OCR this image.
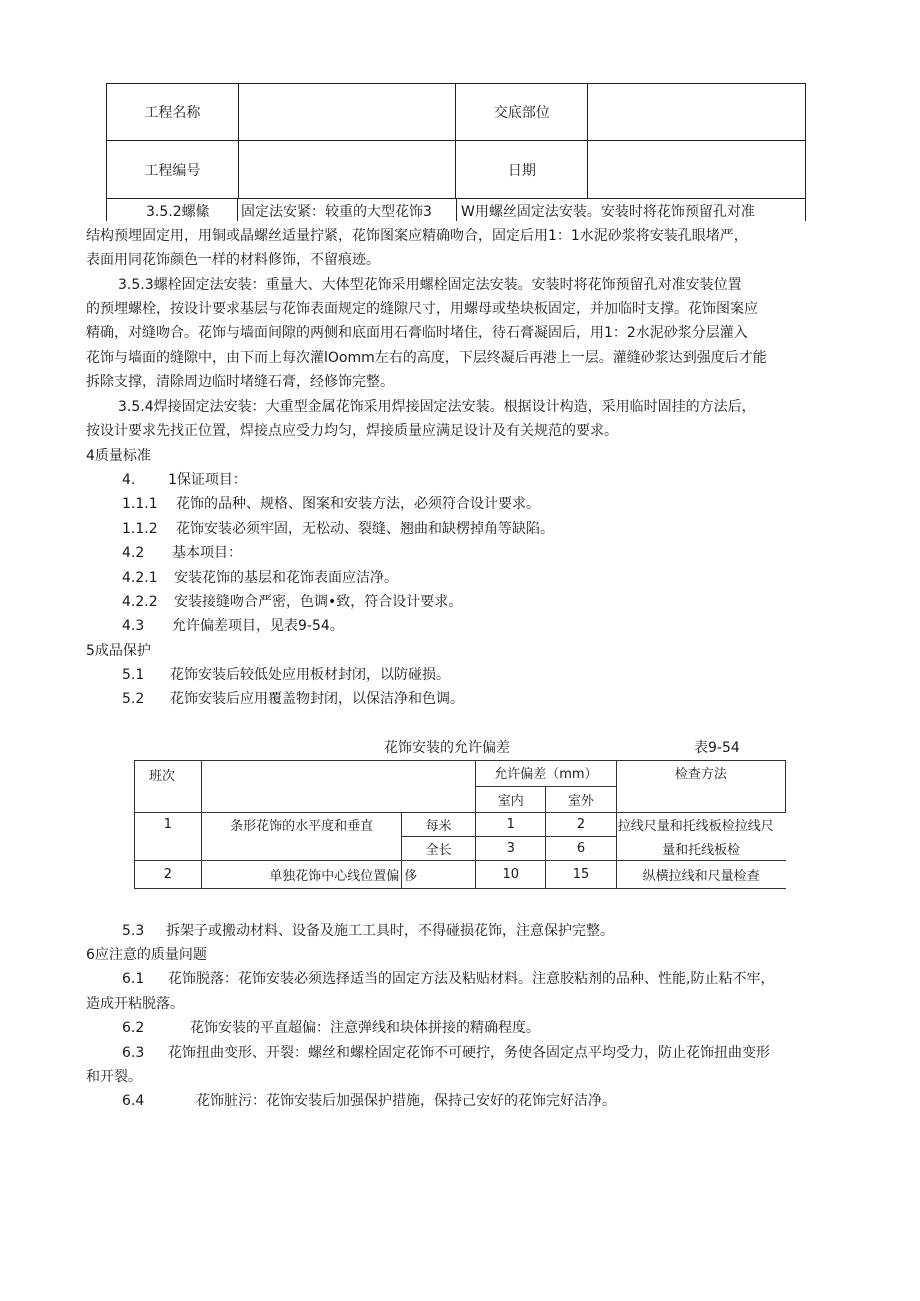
工程名称		交底部位	
工程编号		日期	
3.5.2螺絛 固定法安紧：较重的大型花饰3 W用螺丝固定法安装。安装时将花饰预留孔对准
结构预埋固定用，用铜或晶螺丝适量拧紧，花饰图案应精确吻合，固定后用1：1水泥砂浆将安装孔眼堵严，
表面用同花饰颜色一样的材料修饰，不留痕迹。
3.5.3螺栓固定法安装：重量大、大体型花饰采用螺栓固定法安装。安装时将花饰预留孔对准安装位置
的预埋螺栓，按设计要求基层与花饰表面规定的缝隙尺寸，用螺母或垫块板固定，并加临时支撑。花饰图案应
精确，对缝吻合。花饰与墙面间隙的两侧和底面用石膏临时堵住，待石膏凝固后，用1：2水泥砂浆分层灌入
花饰与墙面的缝隙中，由下而上每次灌lOomm左右的高度，下层终凝后再港上一层。灌缝砂浆达到强度后才能
拆除支撑，清除周边临时堵缝石膏，经修饰完整。
3.5.4焊接固定法安装：大重型金属花饰采用焊接固定法安装。根据设计构造，采用临时固挂的方法后，
按设计要求先找正位置，焊接点应受力均匀，焊接质量应满足设计及有关规范的要求。
4质量标准
4. 1保证项目：
1.1.1 花饰的品种、规格、图案和安装方法，必须符合设计要求。
1.1.2 花饰安装必须牢固，无松动、裂缝、翘曲和缺楞掉角等缺陷。
4.2 基本项目：
4.2.1 安装花饰的基层和花饰表面应洁净。
4.2.2 安装接缝吻合严密，色调•致，符合设计要求。
4.3 允许偏差项目，见表9-54。
5成品保护
5.1 花饰安装后较低处应用板材封闭，以防碰损。
5.2 花饰安装后应用覆盖物封闭，以保洁净和色调。
花饰安装的允许偏差	表9-54
班次			允许偏差（mm）		检查方法
			室内	室外	
1	条形花饰的水平度和垂直	每米	1	2	拉线尺量和托线板检拉线尺
		全长	3	6	量和托线板检
2	单独花饰中心线位置偏	侈	10	15	纵横拉线和尺量检查
5.3 拆架子或搬动材料、设备及施工工具时，不得碰损花饰，注意保护完整。
6应注意的质量问题
6.1 花饰脱落：花饰安装必须选择适当的固定方法及粘贴材料。注意胶粘剂的品种、性能,防止粘不牢，
造成开粘脱落。
6.2	花饰安装的平直超偏：注意弹线和块体拼接的精确程度。
6.3 花饰扭曲变形、开裂：螺丝和螺栓固定花饰不可硬拧，务使各固定点平均受力，防止花饰扭曲变形
和开裂。
6.4	花饰脏污：花饰安装后加强保护措施，保持己安好的花饰完好洁净。
